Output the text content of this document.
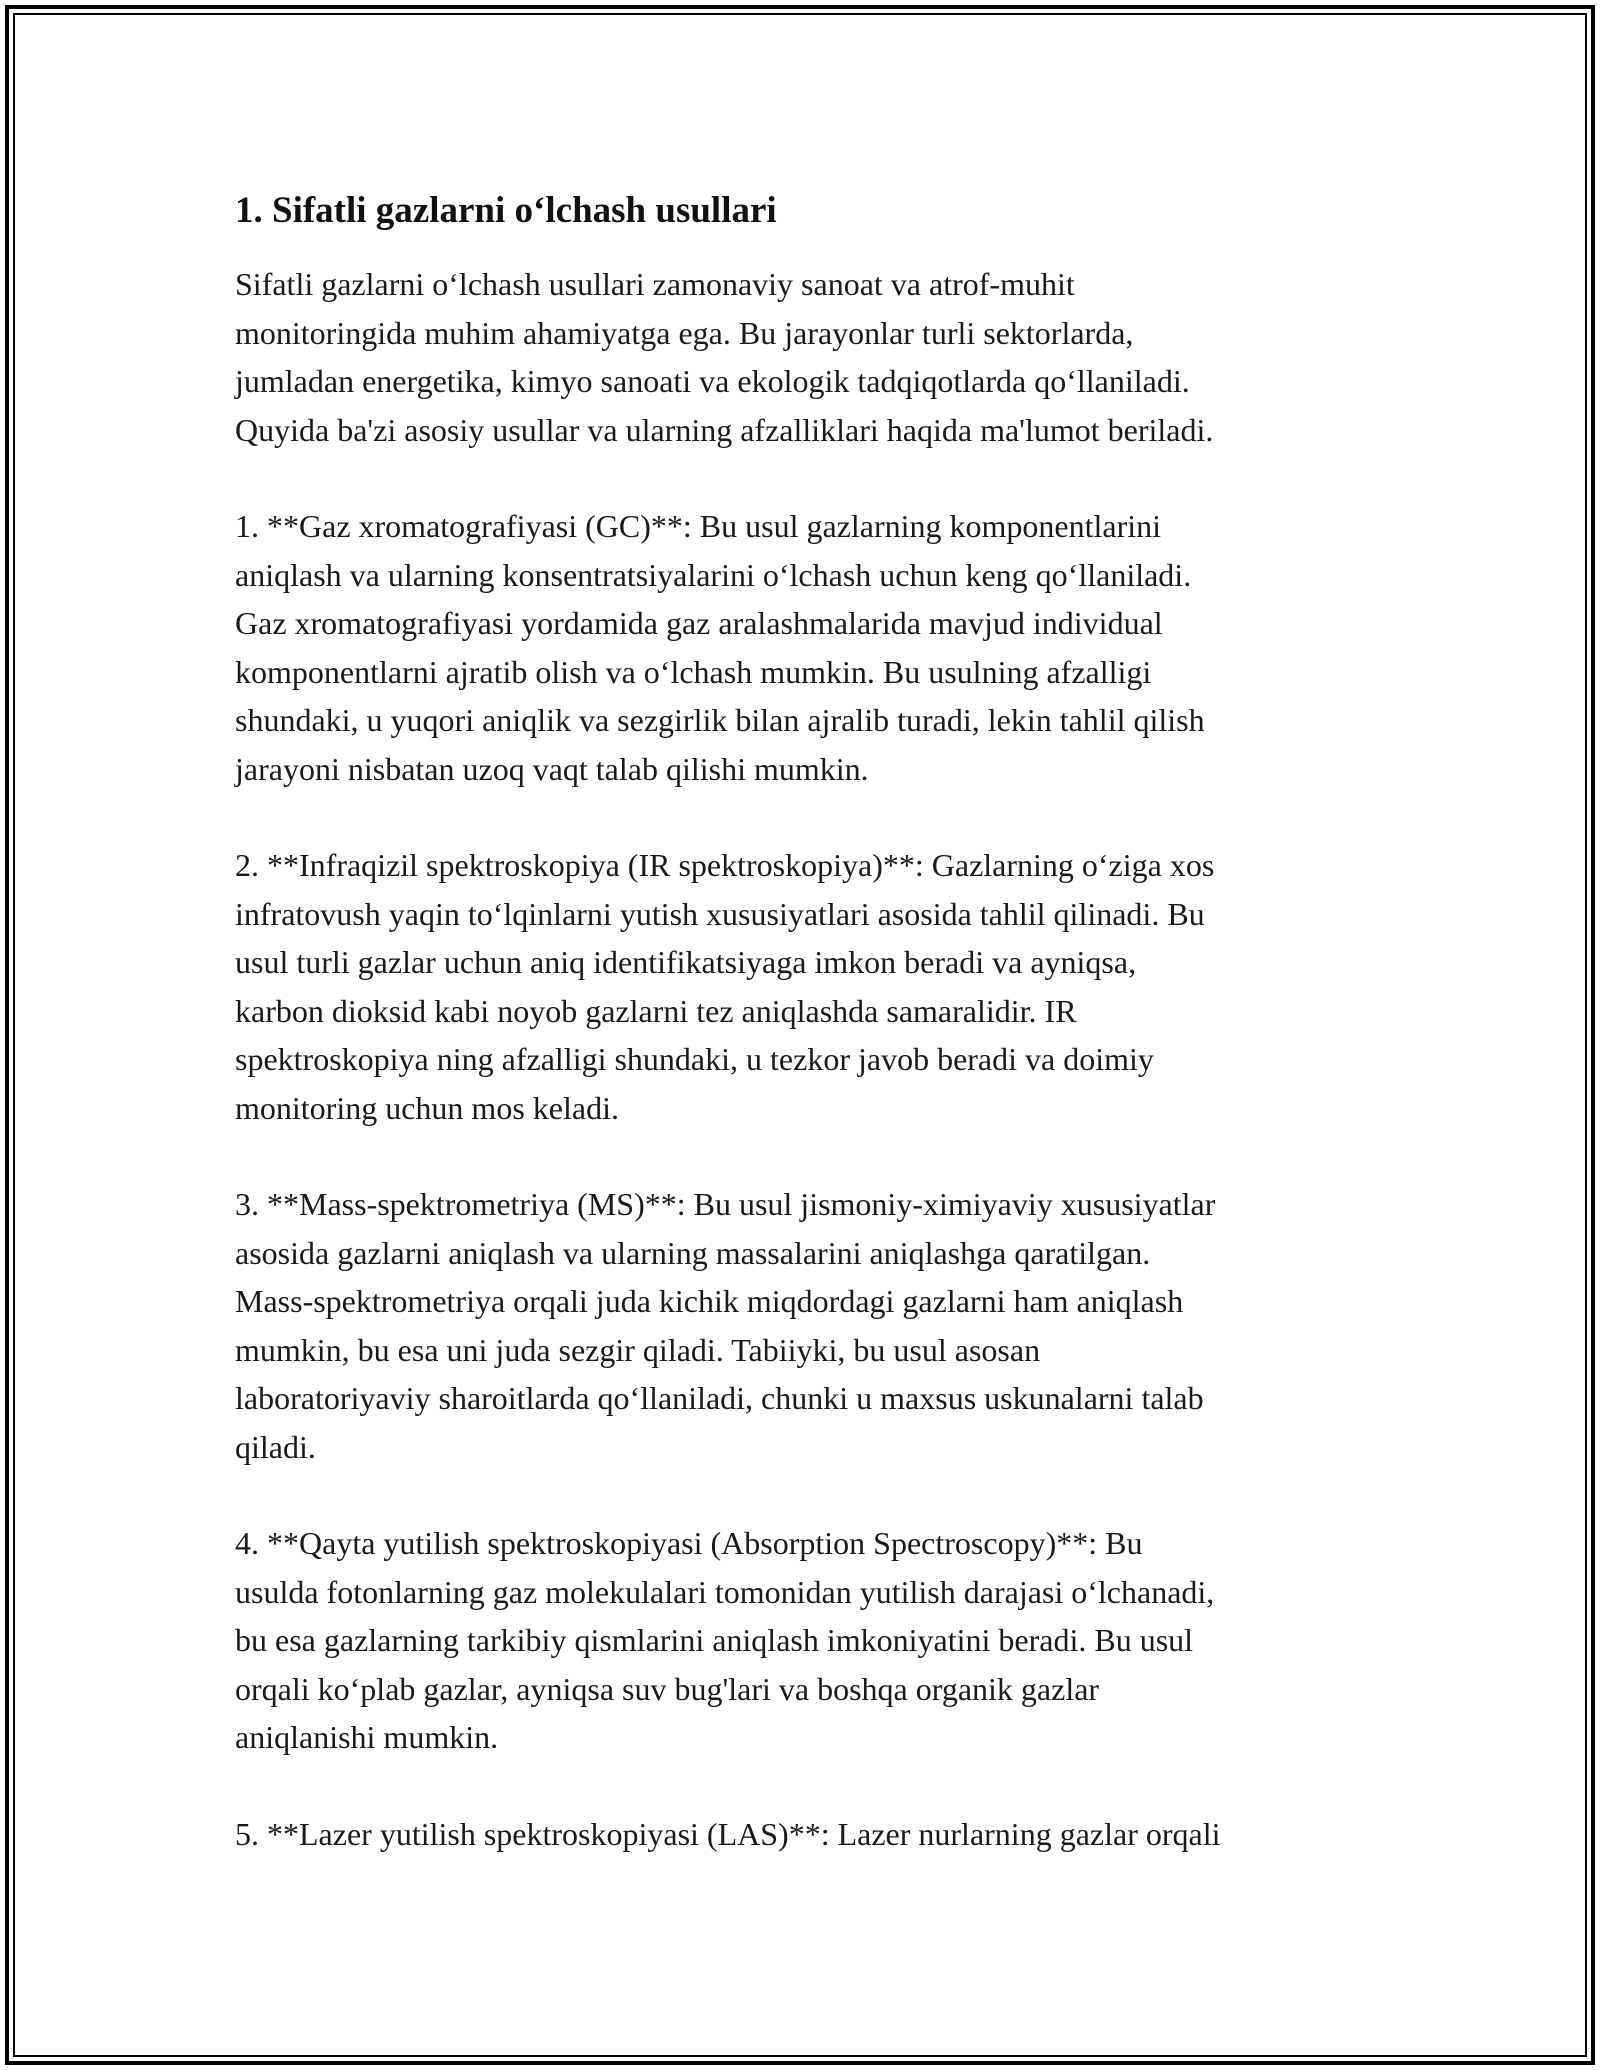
1. Sifatli gazlarni o‘lchash usullari

Sifatli gazlarni o‘lchash usullari zamonaviy sanoat va atrof-muhit
monitoringida muhim ahamiyatga ega. Bu jarayonlar turli sektorlarda,
jumladan energetika, kimyo sanoati va ekologik tadqiqotlarda qo‘llaniladi.
Quyida ba'zi asosiy usullar va ularning afzalliklari haqida ma'lumot beriladi.

1. **Gaz xromatografiyasi (GC)**: Bu usul gazlarning komponentlarini
aniqlash va ularning konsentratsiyalarini o‘lchash uchun keng qo‘llaniladi.
Gaz xromatografiyasi yordamida gaz aralashmalarida mavjud individual
komponentlarni ajratib olish va o‘lchash mumkin. Bu usulning afzalligi
shundaki, u yuqori aniqlik va sezgirlik bilan ajralib turadi, lekin tahlil qilish
jarayoni nisbatan uzoq vaqt talab qilishi mumkin.

2. **Infraqizil spektroskopiya (IR spektroskopiya)**: Gazlarning o‘ziga xos
infratovush yaqin to‘lqinlarni yutish xususiyatlari asosida tahlil qilinadi. Bu
usul turli gazlar uchun aniq identifikatsiyaga imkon beradi va ayniqsa,
karbon dioksid kabi noyob gazlarni tez aniqlashda samaralidir. IR
spektroskopiya ning afzalligi shundaki, u tezkor javob beradi va doimiy
monitoring uchun mos keladi.

3. **Mass-spektrometriya (MS)**: Bu usul jismoniy-ximiyaviy xususiyatlar
asosida gazlarni aniqlash va ularning massalarini aniqlashga qaratilgan.
Mass-spektrometriya orqali juda kichik miqdordagi gazlarni ham aniqlash
mumkin, bu esa uni juda sezgir qiladi. Tabiiyki, bu usul asosan
laboratoriyaviy sharoitlarda qo‘llaniladi, chunki u maxsus uskunalarni talab
qiladi.

4. **Qayta yutilish spektroskopiyasi (Absorption Spectroscopy)**: Bu
usulda fotonlarning gaz molekulalari tomonidan yutilish darajasi o‘lchanadi,
bu esa gazlarning tarkibiy qismlarini aniqlash imkoniyatini beradi. Bu usul
orqali ko‘plab gazlar, ayniqsa suv bug'lari va boshqa organik gazlar
aniqlanishi mumkin.

5. **Lazer yutilish spektroskopiyasi (LAS)**: Lazer nurlarning gazlar orqali
